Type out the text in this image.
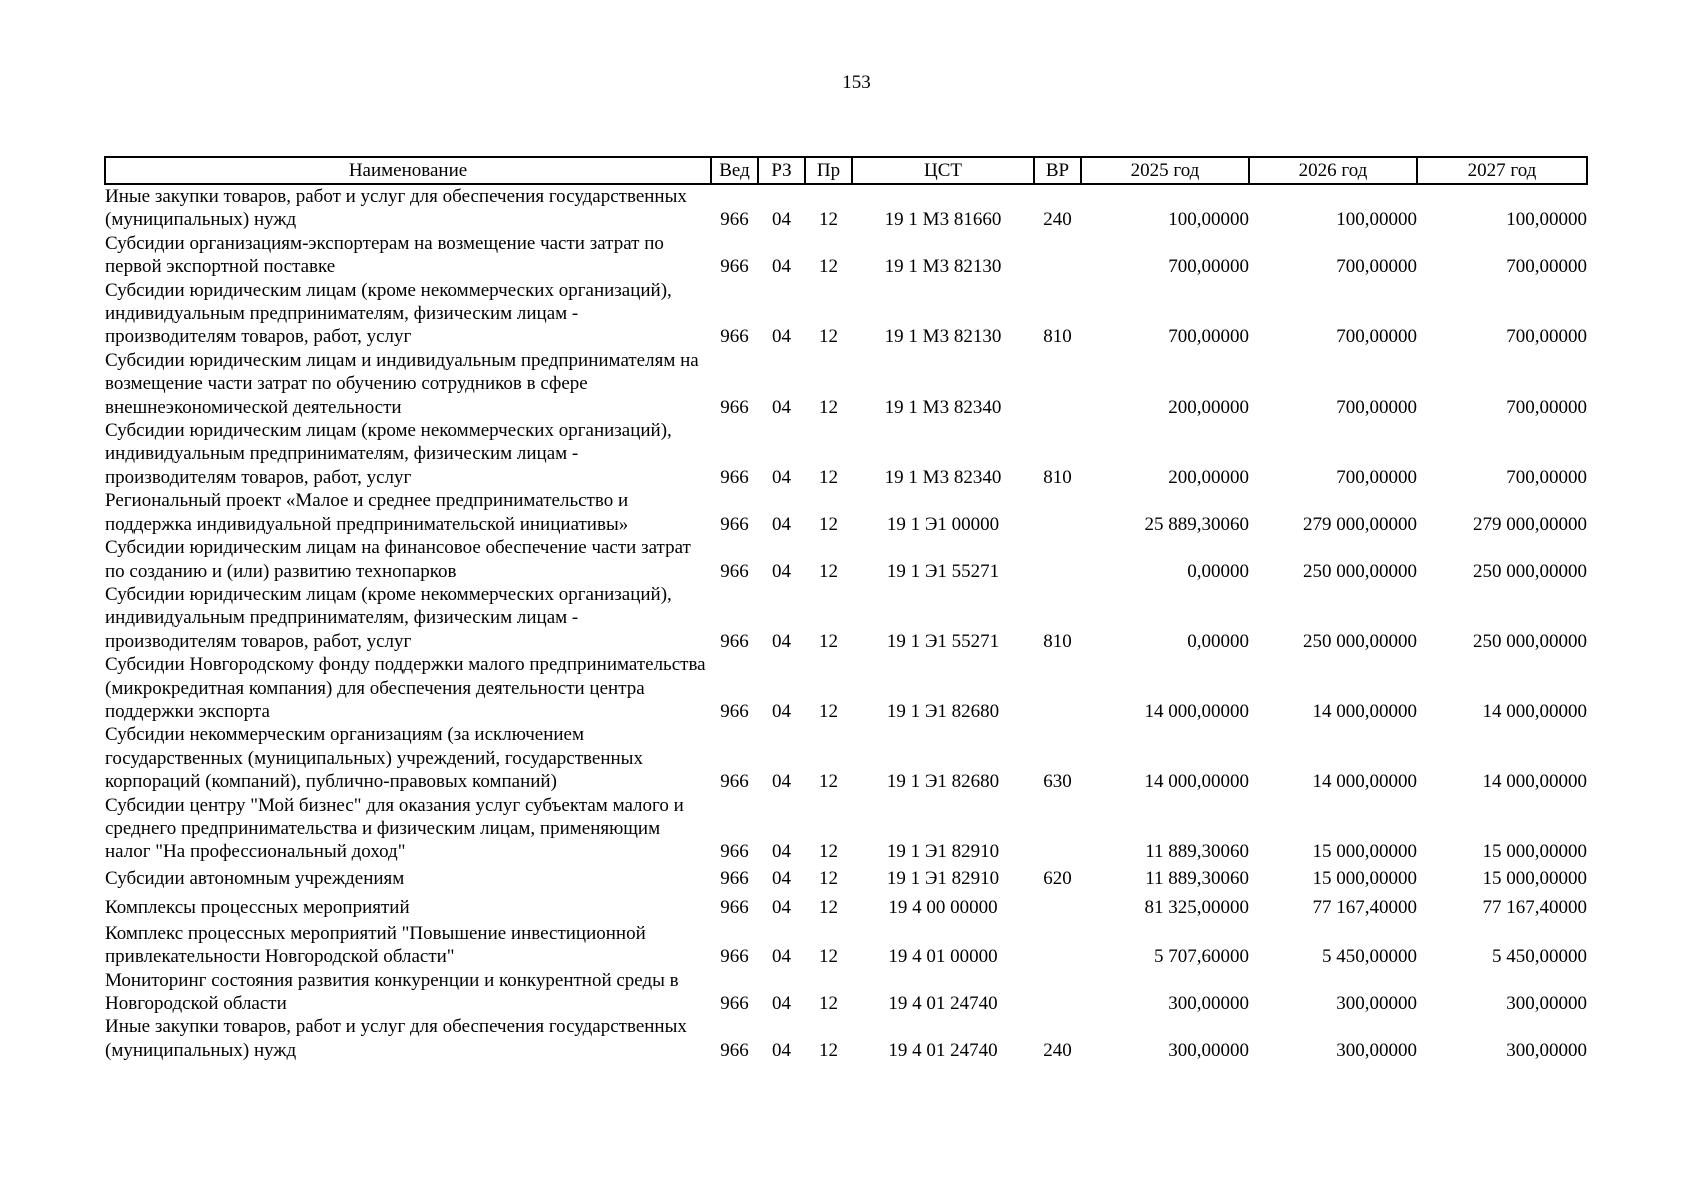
153
Наименование	Вед	РЗ	Пр	ЦСТ	ВР	2025 год	2026 год	2027 год
Иные закупки товаров, работ и услуг для обеспечения государственных (муниципальных) нужд	966	04	12	19 1 М3 81660	240	100,00000	100,00000	100,00000
Субсидии организациям-экспортерам на возмещение части затрат по первой экспортной поставке	966	04	12	19 1 М3 82130		700,00000	700,00000	700,00000
Субсидии юридическим лицам (кроме некоммерческих организаций), индивидуальным предпринимателям, физическим лицам - производителям товаров, работ, услуг	966	04	12	19 1 М3 82130	810	700,00000	700,00000	700,00000
Субсидии юридическим лицам и индивидуальным предпринимателям на возмещение части затрат по обучению сотрудников в сфере внешнеэкономической деятельности	966	04	12	19 1 М3 82340		200,00000	700,00000	700,00000
Субсидии юридическим лицам (кроме некоммерческих организаций), индивидуальным предпринимателям, физическим лицам - производителям товаров, работ, услуг	966	04	12	19 1 М3 82340	810	200,00000	700,00000	700,00000
Региональный проект «Малое и среднее предпринимательство и поддержка индивидуальной предпринимательской инициативы»	966	04	12	19 1 Э1 00000		25 889,30060	279 000,00000	279 000,00000
Субсидии юридическим лицам на финансовое обеспечение части затрат по созданию и (или) развитию технопарков	966	04	12	19 1 Э1 55271		0,00000	250 000,00000	250 000,00000
Субсидии юридическим лицам (кроме некоммерческих организаций), индивидуальным предпринимателям, физическим лицам - производителям товаров, работ, услуг	966	04	12	19 1 Э1 55271	810	0,00000	250 000,00000	250 000,00000
Субсидии Новгородскому фонду поддержки малого предпринимательства (микрокредитная компания) для обеспечения деятельности центра поддержки экспорта	966	04	12	19 1 Э1 82680		14 000,00000	14 000,00000	14 000,00000
Субсидии некоммерческим организациям (за исключением государственных (муниципальных) учреждений, государственных корпораций (компаний), публично-правовых компаний)	966	04	12	19 1 Э1 82680	630	14 000,00000	14 000,00000	14 000,00000
Субсидии центру "Мой бизнес" для оказания услуг субъектам малого и среднего предпринимательства и физическим лицам, применяющим налог "На профессиональный доход"	966	04	12	19 1 Э1 82910		11 889,30060	15 000,00000	15 000,00000
Субсидии автономным учреждениям	966	04	12	19 1 Э1 82910	620	11 889,30060	15 000,00000	15 000,00000
Комплексы процессных мероприятий	966	04	12	19 4 00 00000		81 325,00000	77 167,40000	77 167,40000
Комплекс процессных мероприятий "Повышение инвестиционной привлекательности Новгородской области"	966	04	12	19 4 01 00000		5 707,60000	5 450,00000	5 450,00000
Мониторинг состояния развития конкуренции и конкурентной среды в Новгородской области	966	04	12	19 4 01 24740		300,00000	300,00000	300,00000
Иные закупки товаров, работ и услуг для обеспечения государственных (муниципальных) нужд	966	04	12	19 4 01 24740	240	300,00000	300,00000	300,00000
